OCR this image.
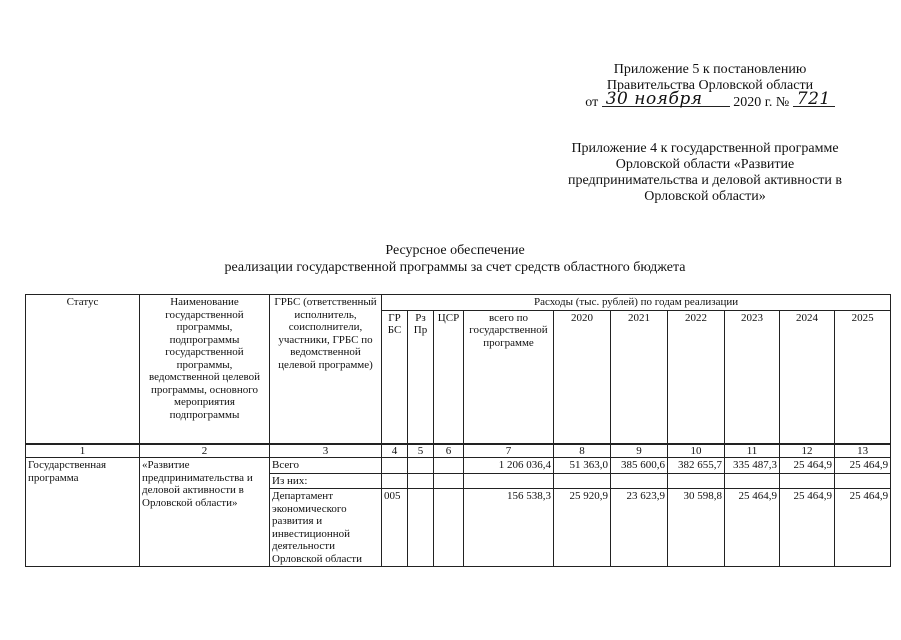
Приложение 5 к постановлению
Правительства Орловской области
от 30 ноября 2020 г. № 721
Приложение 4 к государственной программе
Орловской области «Развитие
предпринимательства и деловой активности в
Орловской области»
Ресурсное обеспечение
реализации государственной программы за счет средств областного бюджета
Статус	Наименование государственной программы, подпрограммы государственной программы, ведомственной целевой программы, основного мероприятия подпрограммы	ГРБС (ответственный исполнитель, соисполнители, участники, ГРБС по ведомственной целевой программе)	Расходы (тыс. рублей) по годам реализации									
			ГР БС	Рз Пр	ЦСР	всего по государственной программе	2020	2021	2022	2023	2024	2025
1	2	3	4	5	6	7	8	9	10	11	12	13
Государственная программа	«Развитие предпринимательства и деловой активности в Орловской области»	Всего				1 206 036,4	51 363,0	385 600,6	382 655,7	335 487,3	25 464,9	25 464,9
		Из них:										
		Департамент экономического развития и инвестиционной деятельности Орловской области	005			156 538,3	25 920,9	23 623,9	30 598,8	25 464,9	25 464,9	25 464,9
